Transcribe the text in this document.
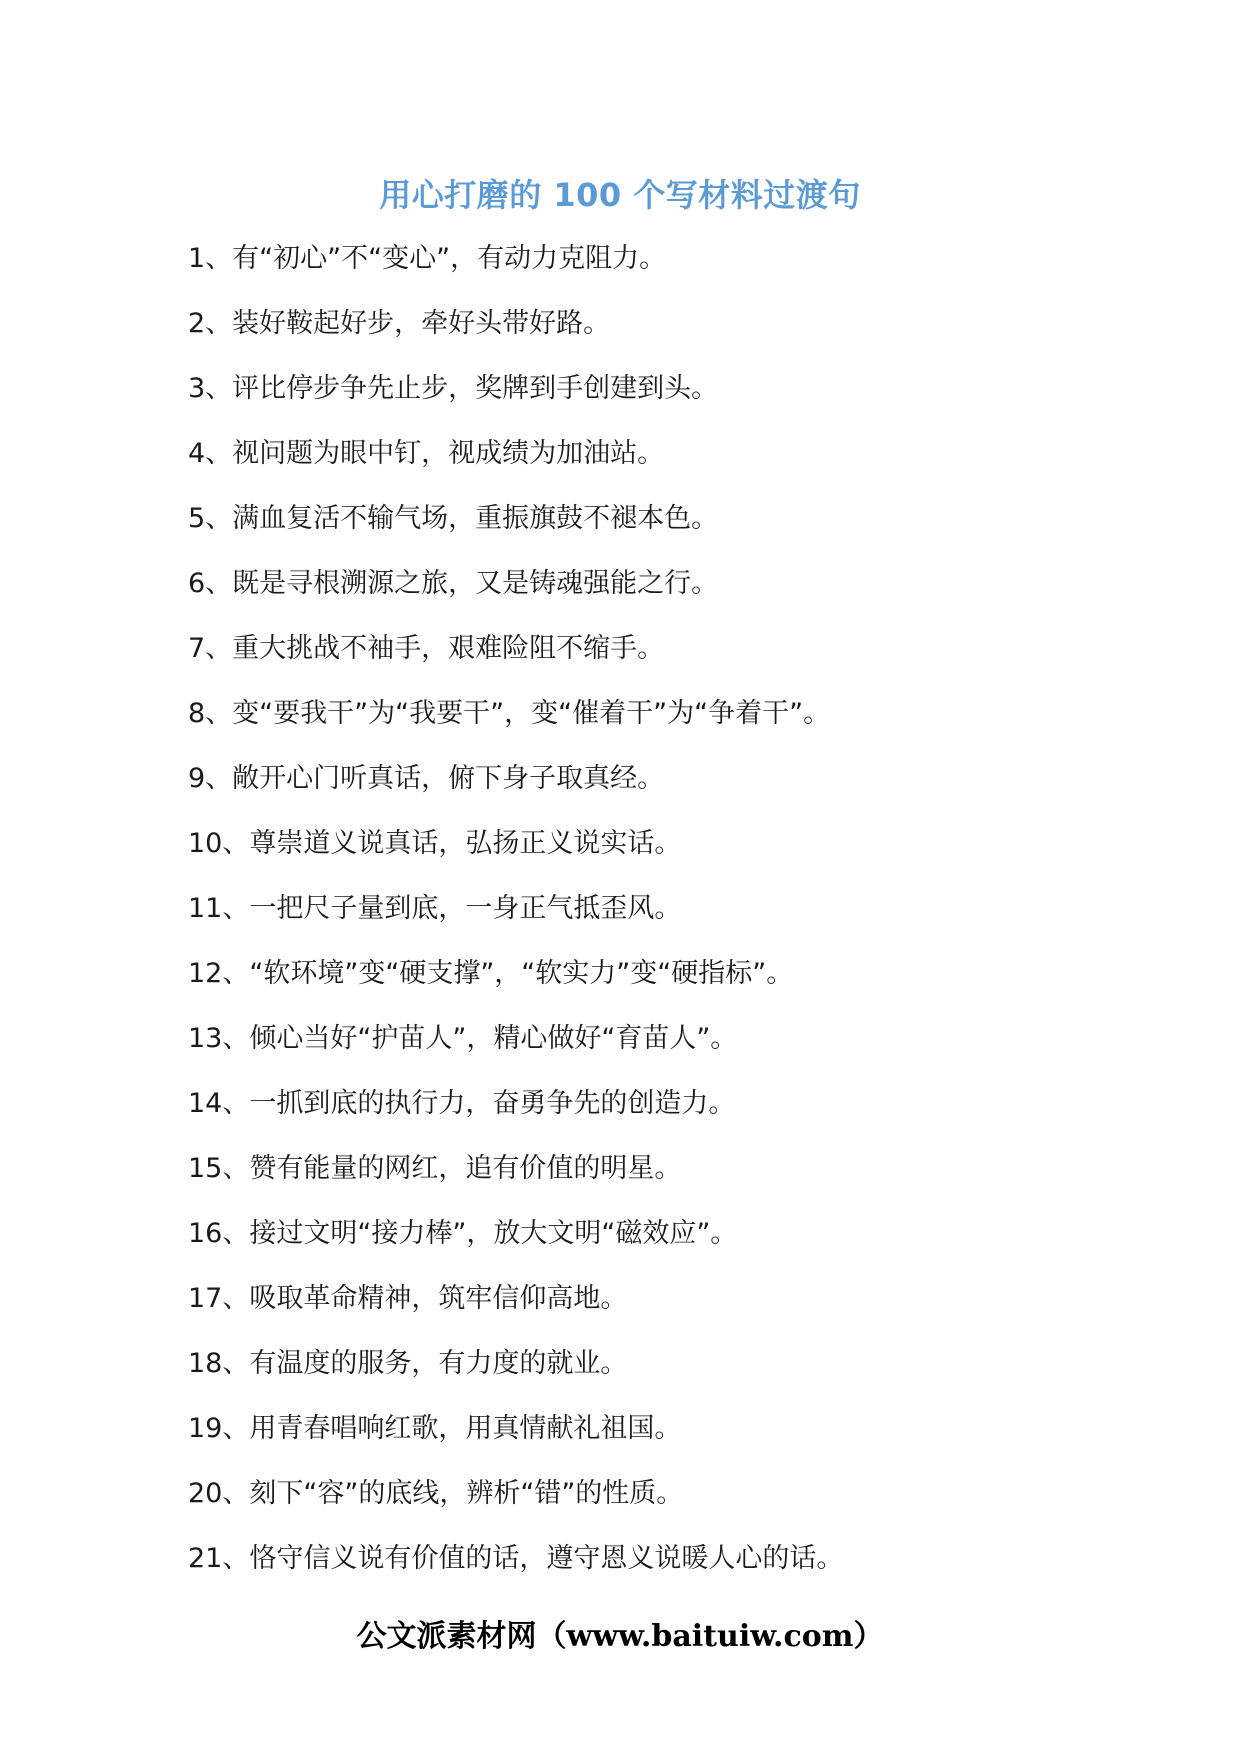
用心打磨的 100 个写材料过渡句
1、有“初心”不“变心”，有动力克阻力。
2、装好鞍起好步，牵好头带好路。
3、评比停步争先止步，奖牌到手创建到头。
4、视问题为眼中钉，视成绩为加油站。
5、满血复活不输气场，重振旗鼓不褪本色。
6、既是寻根溯源之旅，又是铸魂强能之行。
7、重大挑战不袖手，艰难险阻不缩手。
8、变“要我干”为“我要干”，变“催着干”为“争着干”。
9、敞开心门听真话，俯下身子取真经。
10、尊崇道义说真话，弘扬正义说实话。
11、一把尺子量到底，一身正气抵歪风。
12、“软环境”变“硬支撑”，“软实力”变“硬指标”。
13、倾心当好“护苗人”，精心做好“育苗人”。
14、一抓到底的执行力，奋勇争先的创造力。
15、赞有能量的网红，追有价值的明星。
16、接过文明“接力棒”，放大文明“磁效应”。
17、吸取革命精神，筑牢信仰高地。
18、有温度的服务，有力度的就业。
19、用青春唱响红歌，用真情献礼祖国。
20、刻下“容”的底线，辨析“错”的性质。
21、恪守信义说有价值的话，遵守恩义说暖人心的话。
公文派素材网（www.baituiw.com）
